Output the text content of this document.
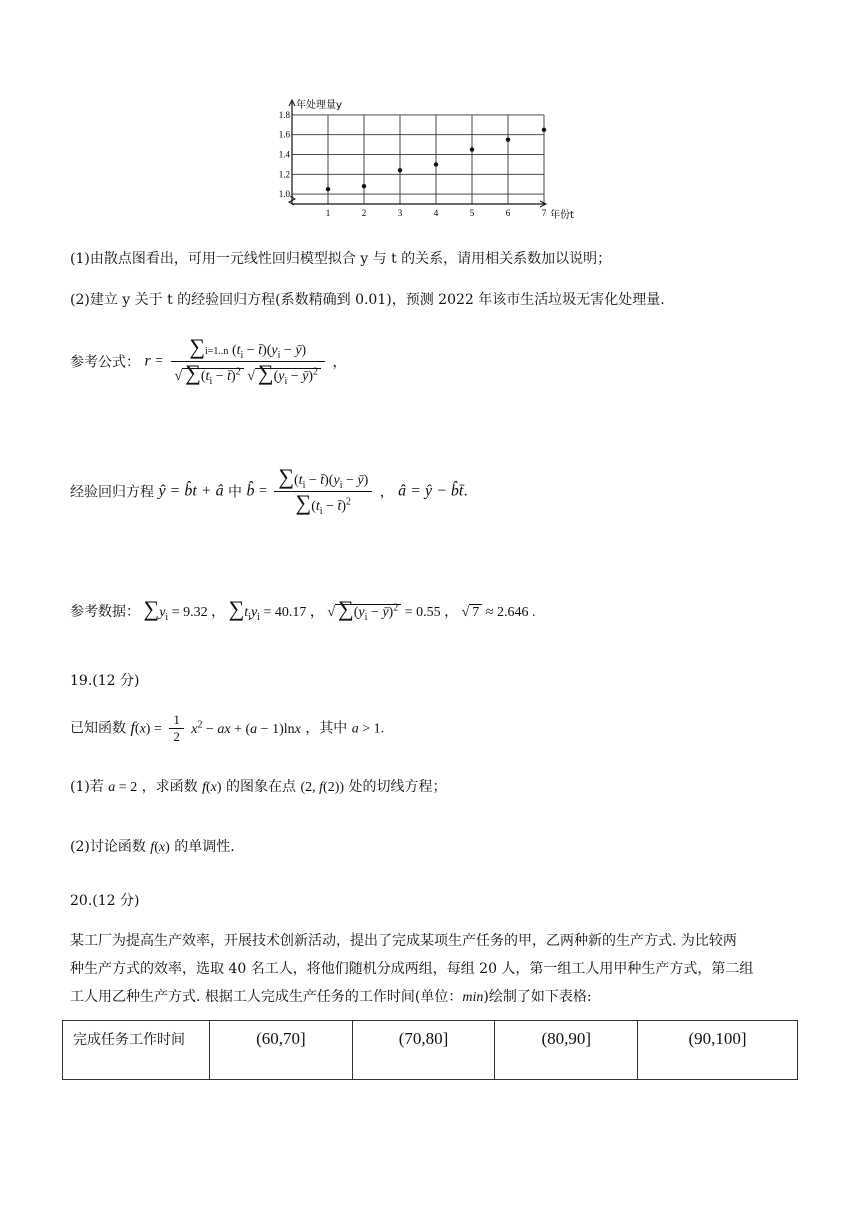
1.0
1.2
1.4
1.6
1.8
1	2	3	4	5	6	7
年处理量y
年份t
(1)由散点图看出，可用一元线性回归模型拟合 y 与 t 的关系，请用相关系数加以说明；
(2)建立 y 关于 t 的经验回归方程(系数精确到 0.01)，预测 2022 年该市生活垃圾无害化处理量.
参考公式： $r = \frac{\sum i=1..n (t_i - t̄)(y_i - ȳ)}{√ \sum(t_i - t̄)^2 √ \sum(y_i - ȳ)^2}$ ，
经验回归方程 ŷ = b̂t + â 中 b̂ = $\frac{\sum(t_i - t̄)(y_i - ȳ)}{\sum(t_i - t̄)^2}$ ， â = ŷ − b̂t̄.
参考数据： $\sum y_i = 9.32$ ， $\sum t_iy_i = 40.17$ ， √ $\sum(y_i$ − ȳ)$^2$ = 0.55 ， √ 7 ≈ 2.646 .
19.(12 分)
已知函数 $f(x) = \frac{1}{2} x^2$ − ax + (a − 1)lnx ，其中 a > 1.
(1)若 a = 2 ，求函数 f(x) 的图象在点 (2, f(2)) 处的切线方程；
(2)讨论函数 f(x) 的单调性.
20.(12 分)
某工厂为提高生产效率，开展技术创新活动，提出了完成某项生产任务的甲，乙两种新的生产方式. 为比较两
种生产方式的效率，选取 40 名工人，将他们随机分成两组，每组 20 人，第一组工人用甲种生产方式，第二组
工人用乙种生产方式. 根据工人完成生产任务的工作时间(单位：min)绘制了如下表格:
完成任务工作时间	(60,70]	(70,80]	(80,90]	(90,100]
